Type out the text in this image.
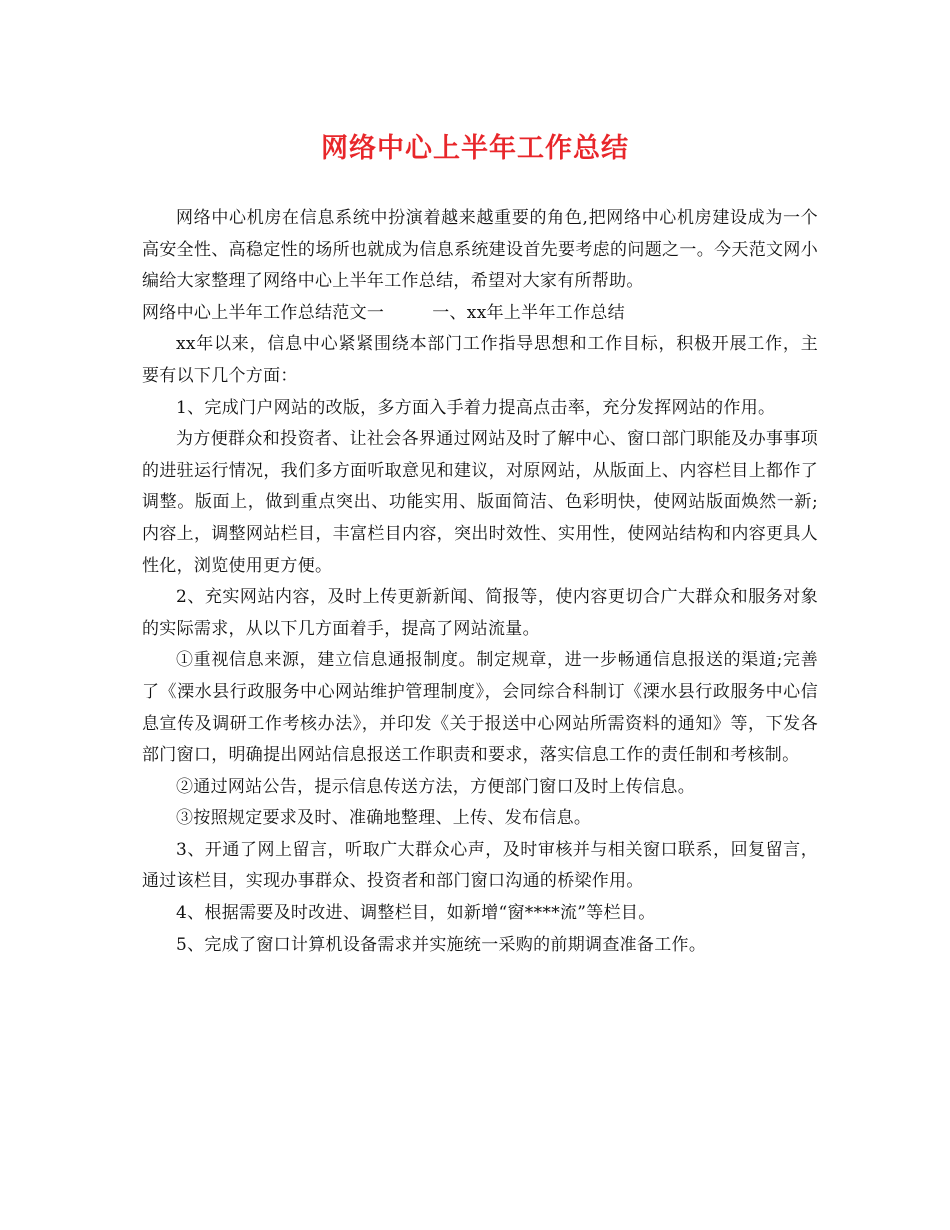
网络中心上半年工作总结

网络中心机房在信息系统中扮演着越来越重要的角色,把网络中心机房建设成为一个高安全性、高稳定性的场所也就成为信息系统建设首先要考虑的问题之一。今天范文网小编给大家整理了网络中心上半年工作总结，希望对大家有所帮助。

网络中心上半年工作总结范文一	一、xx年上半年工作总结

xx年以来，信息中心紧紧围绕本部门工作指导思想和工作目标，积极开展工作，主要有以下几个方面：

1、完成门户网站的改版，多方面入手着力提高点击率，充分发挥网站的作用。

为方便群众和投资者、让社会各界通过网站及时了解中心、窗口部门职能及办事事项的进驻运行情况，我们多方面听取意见和建议，对原网站，从版面上、内容栏目上都作了调整。版面上，做到重点突出、功能实用、版面简洁、色彩明快，使网站版面焕然一新;内容上，调整网站栏目，丰富栏目内容，突出时效性、实用性，使网站结构和内容更具人性化，浏览使用更方便。

2、充实网站内容，及时上传更新新闻、简报等，使内容更切合广大群众和服务对象的实际需求，从以下几方面着手，提高了网站流量。

①重视信息来源，建立信息通报制度。制定规章，进一步畅通信息报送的渠道;完善了《溧水县行政服务中心网站维护管理制度》，会同综合科制订《溧水县行政服务中心信息宣传及调研工作考核办法》，并印发《关于报送中心网站所需资料的通知》等，下发各部门窗口，明确提出网站信息报送工作职责和要求，落实信息工作的责任制和考核制。

②通过网站公告，提示信息传送方法，方便部门窗口及时上传信息。

③按照规定要求及时、准确地整理、上传、发布信息。

3、开通了网上留言，听取广大群众心声，及时审核并与相关窗口联系，回复留言，通过该栏目，实现办事群众、投资者和部门窗口沟通的桥梁作用。

4、根据需要及时改进、调整栏目，如新增“窗****流”等栏目。

5、完成了窗口计算机设备需求并实施统一采购的前期调查准备工作。
